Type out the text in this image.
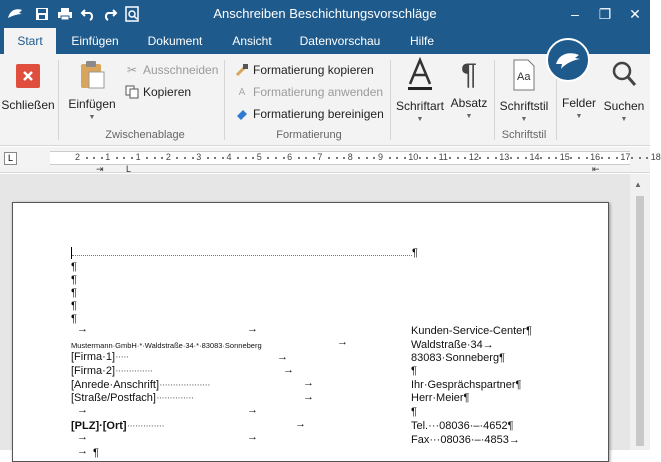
Anschreiben Beschichtungsvorschläge	–	❐	✕
Start	Einfügen	Dokument	Ansicht	Datenvorschau	Hilfe
Schließen Einfügen
▼
✂ Ausschneiden
Kopieren
Zwischenablage
Formatierung kopieren
A Formatierung anwenden
Formatierung bereinigen
Formatierung
Schriftart
▼
¶
Absatz
▼
Aa
Schriftstil
▼
Schriftstil
Felder
▼
Suchen
▼
L	2	1	1	2	3	4	5	6	7	8	9	10 11 12 13 14 15 16 17 18
⇥ L	⇤
¶
¶
¶
¶
¶
¶
→	→	Kunden-Service-Center¶
Mustermann·GmbH·*·Waldstraße·34·*·83083·Sonneberg	→	Waldstraße·34→
[Firma·1]·····	→	83083·Sonneberg¶
[Firma·2]··············	→	¶
[Anrede·Anschrift]···················	→	Ihr·Gesprächspartner¶
[Straße/Postfach]··············	→	Herr·Meier¶
→	→	¶
[PLZ]·[Ort]··············	→	Tel.···08036·–·4652¶
→	→	Fax···08036·–·4853→
→ ¶
▲
